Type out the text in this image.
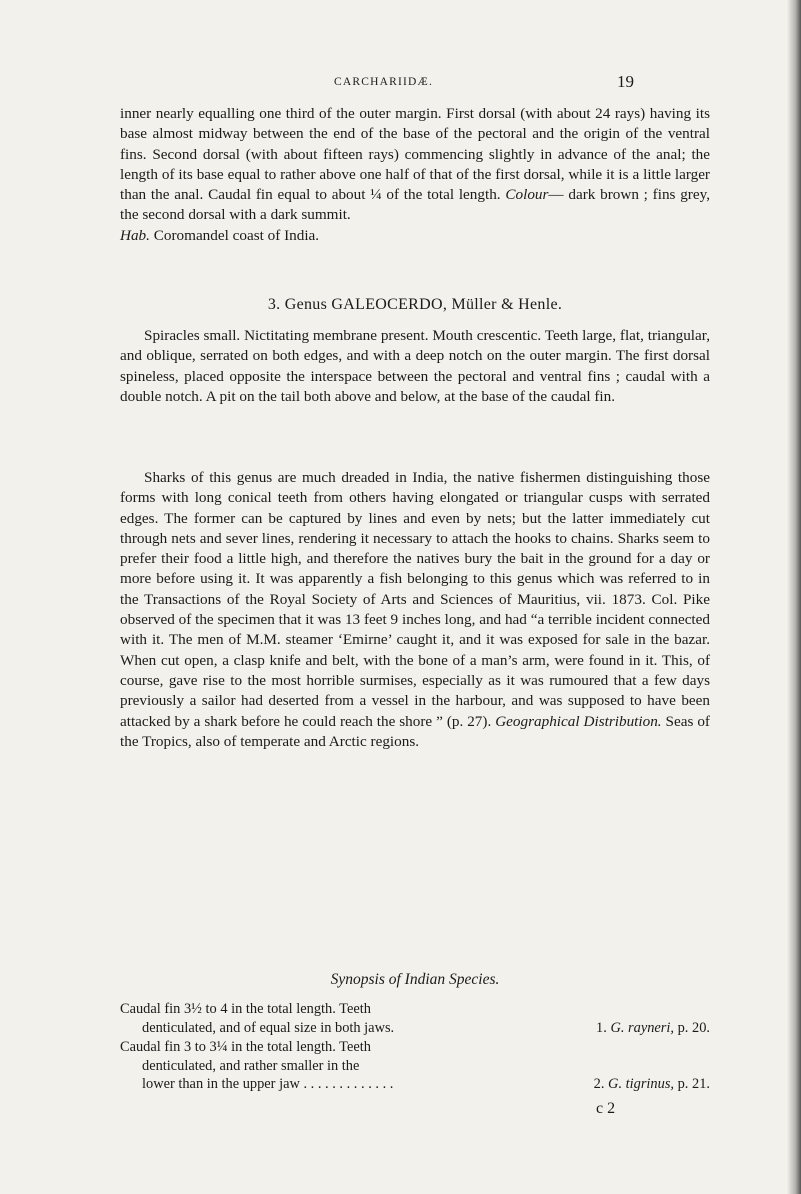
CARCHARIIDÆ.	19

inner nearly equalling one third of the outer margin. First dorsal (with about 24 rays) having its base almost midway between the end of the base of the pectoral and the origin of the ventral fins. Second dorsal (with about fifteen rays) commencing slightly in advance of the anal; the length of its base equal to rather above one half of that of the first dorsal, while it is a little larger than the anal. Caudal fin equal to about ¼ of the total length. Colour— dark brown ; fins grey, the second dorsal with a dark summit.
Hab. Coromandel coast of India.

3. Genus GALEOCERDO, Müller & Henle.

Spiracles small. Nictitating membrane present. Mouth crescentic. Teeth large, flat, triangular, and oblique, serrated on both edges, and with a deep notch on the outer margin. The first dorsal spineless, placed opposite the interspace between the pectoral and ventral fins ; caudal with a double notch. A pit on the tail both above and below, at the base of the caudal fin.

Sharks of this genus are much dreaded in India, the native fishermen distinguishing those forms with long conical teeth from others having elongated or triangular cusps with serrated edges. The former can be captured by lines and even by nets; but the latter immediately cut through nets and sever lines, rendering it necessary to attach the hooks to chains. Sharks seem to prefer their food a little high, and therefore the natives bury the bait in the ground for a day or more before using it. It was apparently a fish belonging to this genus which was referred to in the Transactions of the Royal Society of Arts and Sciences of Mauritius, vii. 1873. Col. Pike observed of the specimen that it was 13 feet 9 inches long, and had “a terrible incident connected with it. The men of M.M. steamer ‘Emirne’ caught it, and it was exposed for sale in the bazar. When cut open, a clasp knife and belt, with the bone of a man’s arm, were found in it. This, of course, gave rise to the most horrible surmises, especially as it was rumoured that a few days previously a sailor had deserted from a vessel in the harbour, and was supposed to have been attacked by a shark before he could reach the shore ” (p. 27). Geographical Distribution. Seas of the Tropics, also of temperate and Arctic regions.

Synopsis of Indian Species.
Caudal fin 3½ to 4 in the total length. Teeth
denticulated, and of equal size in both jaws.	1. G. rayneri, p. 20.
Caudal fin 3 to 3¼ in the total length. Teeth
denticulated, and rather smaller in the
lower than in the upper jaw . . . . . . . . . . . . .	2. G. tigrinus, p. 21.
c 2
